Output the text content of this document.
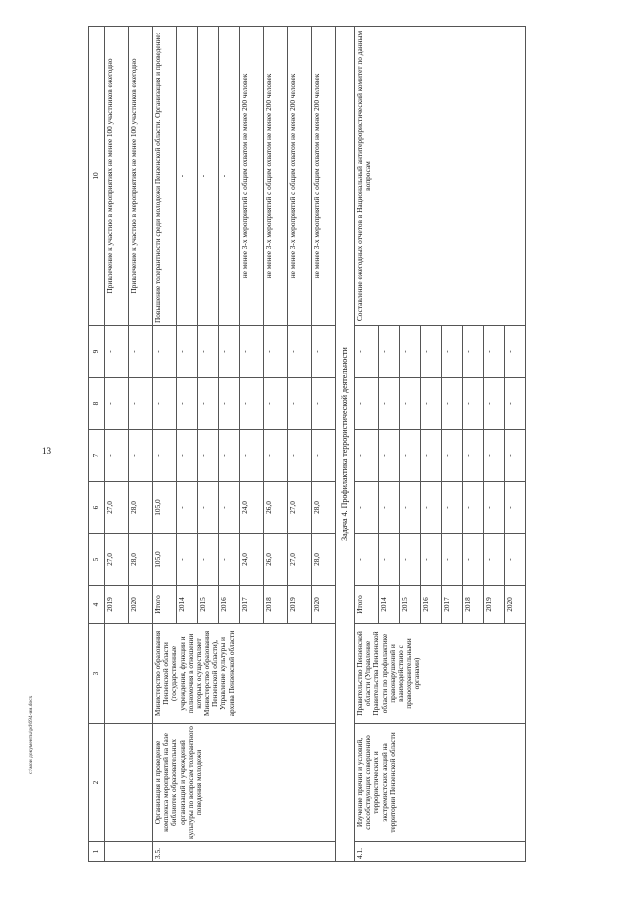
13
c:\мои документы\pd\694-ии.docx
1	2	3	4	5	6	7	8	9	10
			2019	27,0	27,0	-	-	-	Привлечение к участию в мероприятиях не менее 100 участников ежегодно
			2020	28,0	28,0	-	-	-	Привлечение к участию в мероприятиях не менее 100 участников ежегодно
3.5.	Организация и проведение комплекса мероприятий на базе библиотек образовательных организаций и учреждений культуры по вопросам толерантного поведения молодежи	Министерство образования Пензенской области (государственные учреждения, функции и полномочия в отношении которых осуществляет Министерство образования Пензенской области), Управление культуры и архива Пензенской области	Итого	105,0	105,0	-	-	-	Повышение толерантности среди молодежи Пензенской области. Организация и проведение:
			2014	-	-	-	-	-	-
			2015	-	-	-	-	-	-
			2016	-	-	-	-	-	-
			2017	24,0	24,0	-	-	-	не менее 3-х мероприятий с общим охватом не менее 200 человек
			2018	26,0	26,0	-	-	-	не менее 3-х мероприятий с общим охватом не менее 200 человек
			2019	27,0	27,0	-	-	-	не менее 3-х мероприятий с общим охватом не менее 200 человек
			2020	28,0	28,0	-	-	-	не менее 3-х мероприятий с общим охватом не менее 200 человек
Задача 4. Профилактика террористической деятельности									
4.1.	Изучение причин и условий, способствующих совершению террористических и экстремистских акций на территории Пензенской области	Правительство Пензенской области (Управление Правительства Пензенской области по профилактике правонарушений и взаимодействию с правоохранительными органами)	Итого	-	-	-	-	-	Составление ежегодных отчетов в Национальный антитеррористический комитет по данным вопросам
			2014	-	-	-	-	-	
			2015	-	-	-	-	-	
			2016	-	-	-	-	-	
			2017	-	-	-	-	-	
			2018	-	-	-	-	-	
			2019	-	-	-	-	-	
			2020	-	-	-	-	-	
